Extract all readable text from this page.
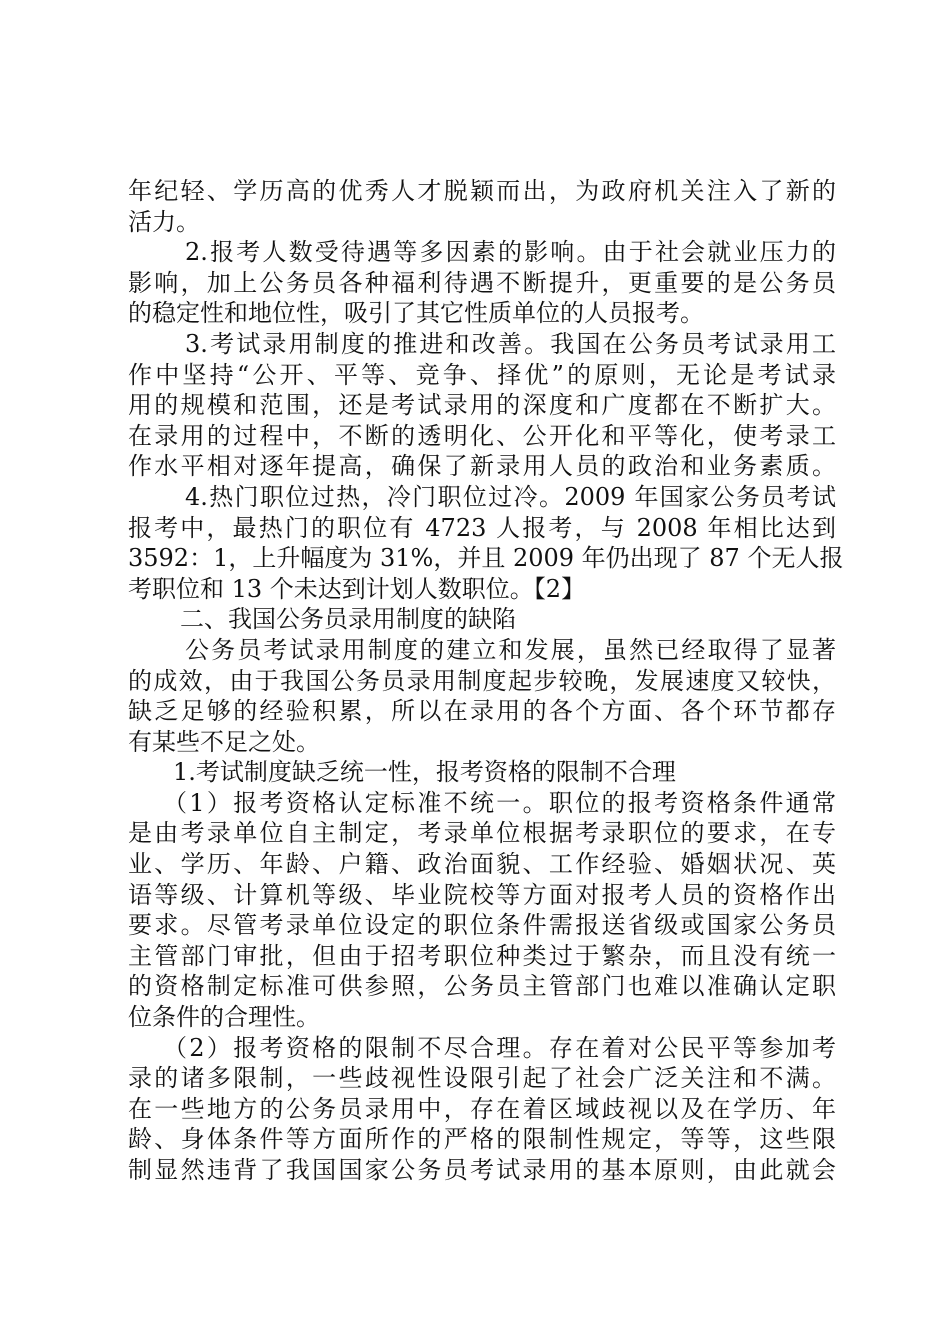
年纪轻、学历高的优秀人才脱颖而出，为政府机关注入了新的
活力。
2.报考人数受待遇等多因素的影响。由于社会就业压力的
影响，加上公务员各种福利待遇不断提升，更重要的是公务员
的稳定性和地位性，吸引了其它性质单位的人员报考。
3.考试录用制度的推进和改善。我国在公务员考试录用工
作中坚持“公开、平等、竞争、择优”的原则，无论是考试录
用的规模和范围，还是考试录用的深度和广度都在不断扩大。
在录用的过程中，不断的透明化、公开化和平等化，使考录工
作水平相对逐年提高，确保了新录用人员的政治和业务素质。
4.热门职位过热，冷门职位过冷。2009 年国家公务员考试
报考中，最热门的职位有 4723 人报考，与 2008 年相比达到
3592：1，上升幅度为 31%，并且 2009 年仍出现了 87 个无人报
考职位和 13 个未达到计划人数职位。【2】
二、我国公务员录用制度的缺陷
公务员考试录用制度的建立和发展，虽然已经取得了显著
的成效，由于我国公务员录用制度起步较晚，发展速度又较快，
缺乏足够的经验积累，所以在录用的各个方面、各个环节都存
有某些不足之处。
1.考试制度缺乏统一性，报考资格的限制不合理
（1）报考资格认定标准不统一。职位的报考资格条件通常
是由考录单位自主制定，考录单位根据考录职位的要求，在专
业、学历、年龄、户籍、政治面貌、工作经验、婚姻状况、英
语等级、计算机等级、毕业院校等方面对报考人员的资格作出
要求。尽管考录单位设定的职位条件需报送省级或国家公务员
主管部门审批，但由于招考职位种类过于繁杂，而且没有统一
的资格制定标准可供参照，公务员主管部门也难以准确认定职
位条件的合理性。
（2）报考资格的限制不尽合理。存在着对公民平等参加考
录的诸多限制，一些歧视性设限引起了社会广泛关注和不满。
在一些地方的公务员录用中，存在着区域歧视以及在学历、年
龄、身体条件等方面所作的严格的限制性规定，等等，这些限
制显然违背了我国国家公务员考试录用的基本原则，由此就会
